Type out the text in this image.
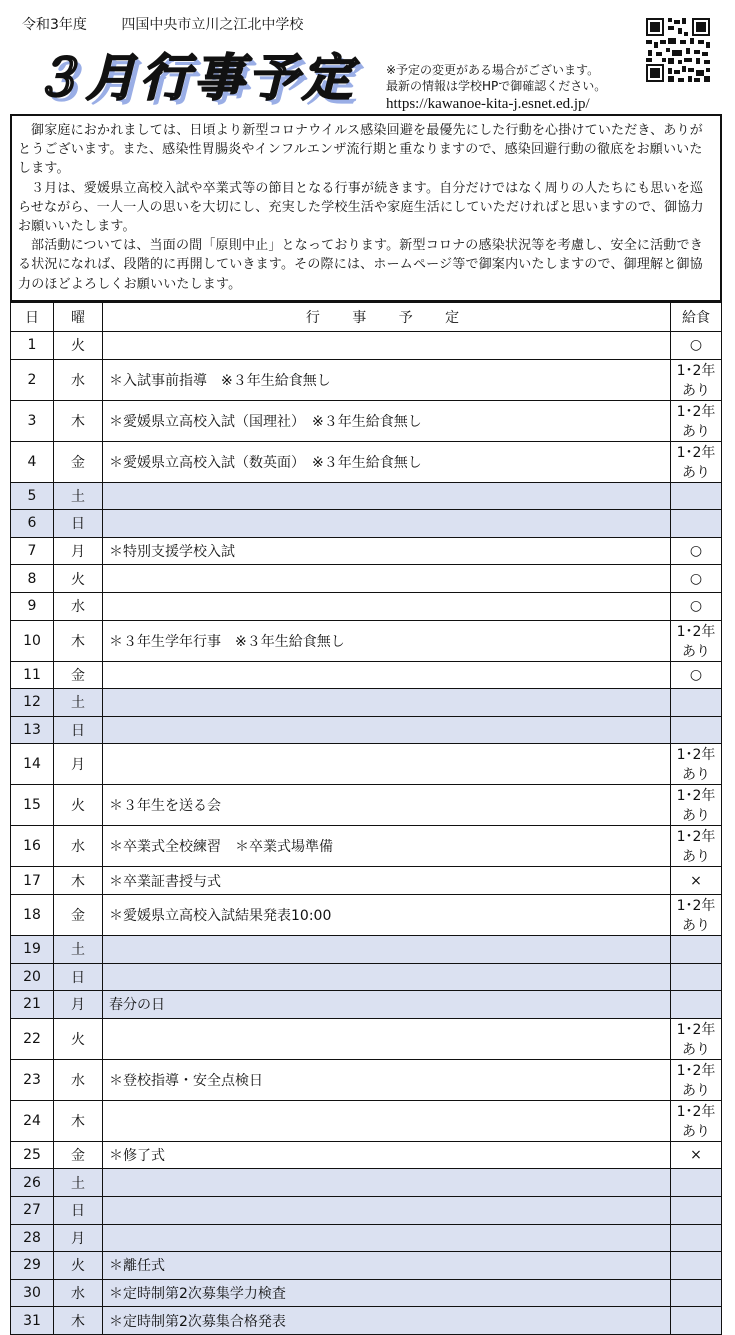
令和3年度 四国中央市立川之江北中学校
３月行事予定	※予定の変更がある場合がございます。
最新の情報は学校HPで御確認ください。
https://kawanoe-kita-j.esnet.ed.jp/

御家庭におかれましては、日頃より新型コロナウイルス感染回避を最優先にした行動を心掛けていただき、ありがとうございます。また、感染性胃腸炎やインフルエンザ流行期と重なりますので、感染回避行動の徹底をお願いいたします。

３月は、愛媛県立高校入試や卒業式等の節目となる行事が続きます。自分だけではなく周りの人たちにも思いを巡らせながら、一人一人の思いを大切にし、充実した学校生活や家庭生活にしていただければと思いますので、御協力お願いいたします。

部活動については、当面の間「原則中止」となっております。新型コロナの感染状況等を考慮し、安全に活動できる状況になれば、段階的に再開していきます。その際には、ホームページ等で御案内いたしますので、御理解と御協力のほどよろしくお願いいたします。

日	曜	行 事 予 定	給食
1	火		○
2	水	＊入試事前指導　※３年生給食無し	1･2年あり
3	木	＊愛媛県立高校入試（国理社）　※３年生給食無し	1･2年あり
4	金	＊愛媛県立高校入試（数英面）　※３年生給食無し	1･2年あり
5	土		
6	日		
7	月	＊特別支援学校入試	○
8	火		○
9	水		○
10	木	＊３年生学年行事　※３年生給食無し	1･2年あり
11	金		○
12	土		
13	日		
14	月		1･2年あり
15	火	＊３年生を送る会	1･2年あり
16	水	＊卒業式全校練習　＊卒業式場準備	1･2年あり
17	木	＊卒業証書授与式	×
18	金	＊愛媛県立高校入試結果発表10:00	1･2年あり
19	土		
20	日		
21	月	春分の日	
22	火		1･2年あり
23	水	＊登校指導・安全点検日	1･2年あり
24	木		1･2年あり
25	金	＊修了式	×
26	土		
27	日		
28	月		
29	火	＊離任式	
30	水	＊定時制第2次募集学力検査	
31	木	＊定時制第2次募集合格発表	
